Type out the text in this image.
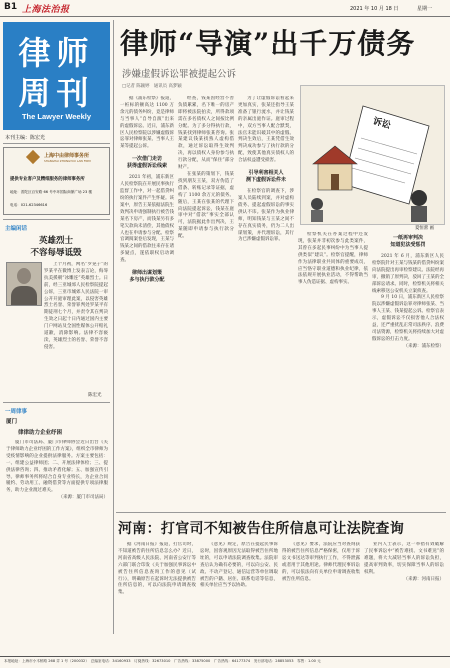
B1 上海法治报	2021 年 10 月 18 日	星期一
律师
周刊
The Lawyer Weekly
本刊主编：陈宏光
上海中由律师事务所
SHANGHAI ZHONGYOU LAW FIRM
提供专业客户及精细服务的律师事务所
地址：普陀区百安路 66 号中环国际商厦广场 23 楼
电话：021-62346616
主编闲话
英雄烈士
不容每辱诋毁

上个月初，网名“罗晃子”的罗某平在微博上发表言论，侮辱抗美援朝“冰雕连”英雄烈士。日前，经三亚城郊人民检察院提起公诉，三亚市城郊人民法院一审公开开庭审理此案，以侵害英雄烈士名誉、荣誉罪判处罗某平有期徒刑七个月，并责令其在判决生效之日起十日内通过国内主要门户网站及全国性媒体公开赔礼道歉，消除影响。法律不容亵渎，英雄烈士的名誉、荣誉不容侵害。

陈宏光
一周律事
厦门
律律助力企业纾困

厦门市司法局、厦门市律师协会近日出台《关于律师助力企业纾困的工作方案》，组织全市律师为受疫情影响的企业提供法律服务。方案主要包括：一、组建公益律师团；二、开展法律体检；三、提供法律咨询；四、推动矛盾化解；五、加强宣传引导。律师事务所将结合自身专业特长，为企业合同履约、劳动用工、融资借贷等方面提供专项法律服务，助力企业渡过难关。

（来源：厦门市司法局）

律师“导演”出千万债务
涉嫌虚假诉讼罪被提起公诉
□记者 陈颖婷　通讯员 高梦颖
诉讼
夏恒蕾 画

据《浦东检察》报道，一桩标的额高达 1100 万余元的债务纠纷，竟是律师与当事人“自导自演”出来的虚假诉讼。近日，浦东新区人民检察院以涉嫌虚假诉讼罪对律师张某、当事人王某等提起公诉。

一次借门走访
获得虚假诉讼线索

2021 年初，浦东新区人民检察院在开展民事执行监督工作中，对一起借贷纠纷的执行案件产生怀疑。该案中，原告王某依据法院生效判决申请强制执行被告钱某名下房产，而钱某另有多笔欠款尚未清偿，其他债权人也在申请参与分配。检察官调阅案卷后发现，王某与钱某之间的借款往来存在诸多疑点，遂依职权启动调查。

律师出谋划策
多与执行款分配

经查，钱某因经营不善负债累累，名下唯一的房产即将被法院拍卖，所得款项需在多名债权人之间按比例分配。为了多分得执行款，钱某找到律师张某咨询。张某建议钱某找熟人虚构借款，通过诉讼取得生效判决，再以债权人身份参与执行款分配，从而“保住”部分财产。

在张某的策划下，钱某找到朋友王某，双方伪造了借条、转账记录等证据，虚构了 1100 余万元的债务。随后，王某在张某的代理下向法院提起诉讼，钱某在庭审中对“借款”事实全部认可，法院据此作出判决，王某随即申请参与执行款分配。

为了让虚假诉讼看起来更加真实，张某还指导王某准备了银行流水，并让钱某的亲属出庭作证。庭审过程中，双方当事人配合默契，法官未能识破其中的虚假。判决生效后，王某凭借生效判决成功参与了执行款的分配，致使其他真实债权人的合法权益遭受损害。

引导利害相关人
测下虚假诉讼件未

在检察官的调查下，涉案人员陆续到案，并对虚构债务、提起虚假诉讼的事实供认不讳。张某作为执业律师，明知钱某与王某之间不存在真实债务，仍为二人出谋划策，并代理诉讼，其行为已涉嫌虚假诉讼罪。

检察机关在办案过程中还发现，张某并非初次参与此类案件，其曾在多起民事纠纷中为当事人提供类似“建议”。检察官提醒，律师作为法律职业共同体的重要成员，应当恪守职业道德和执业纪律，依法依规开展执业活动，不得帮助当事人伪造证据、虚构事实。

一纸再审判决
知道犯法受惩罚

2021 年 6 月，浦东新区人民检察院针对王某与钱某的借贷纠纷案向法院提出再审检察建议。法院经再审，撤销了原判决，驳回了王某的全部诉讼请求。同时，检察机关将相关线索移送公安机关立案侦查。

9 月 10 日，浦东新区人民检察院以涉嫌虚假诉讼罪对律师张某、当事人王某、钱某提起公诉。检察官表示，虚假诉讼不仅损害他人合法权益，还严重扰乱正常司法秩序、浪费司法资源，检察机关将持续加大对虚假诉讼的打击力度。

（来源：浦东检察）

河南：打官司不知被告住所信息可让法院查询

据《河南日报》报道，打官司时，不知道被告的住所信息怎么办？近日，河南省高级人民法院、河南省公安厅等六部门联合印发《关于加强民事诉讼中被告住所信息查询工作的意见（试行）》，明确原告在起诉时无法提供被告住所信息的，可以向法院申请调查收集。

《意见》规定，原告在提起民事诉讼时，因客观原因无法取得被告住所地址的，可以申请法院调查收集。法院审查后认为确有必要的，可以向公安、民政、不动产登记、通信运营等单位调取被告的户籍、居住、联系电话等信息，相关单位应当予以协助。

《意见》要求，法院应当对查询获得的被告住所信息严格保密，仅用于诉讼文书送达等审判执行工作，不得泄露或者用于其他用途。律师代理民事诉讼的，可以依法向有关单位申请调查收集被告住所信息。

业内人士表示，这一举措有效破解了民事诉讼中“被告难找、文书难送”的难题，将大大减轻当事人的诉讼负担，提高审判效率，切实保障当事人的诉讼权利。

（来源：河南日报）

本报地址：上海市小木桥路 268 弄 1 号（200032）　总编室电话：34160933　订阅热线：32673010　广告热线：33875000　广告热线：64177374　发行部电话：28853053　零售：1.00 元
